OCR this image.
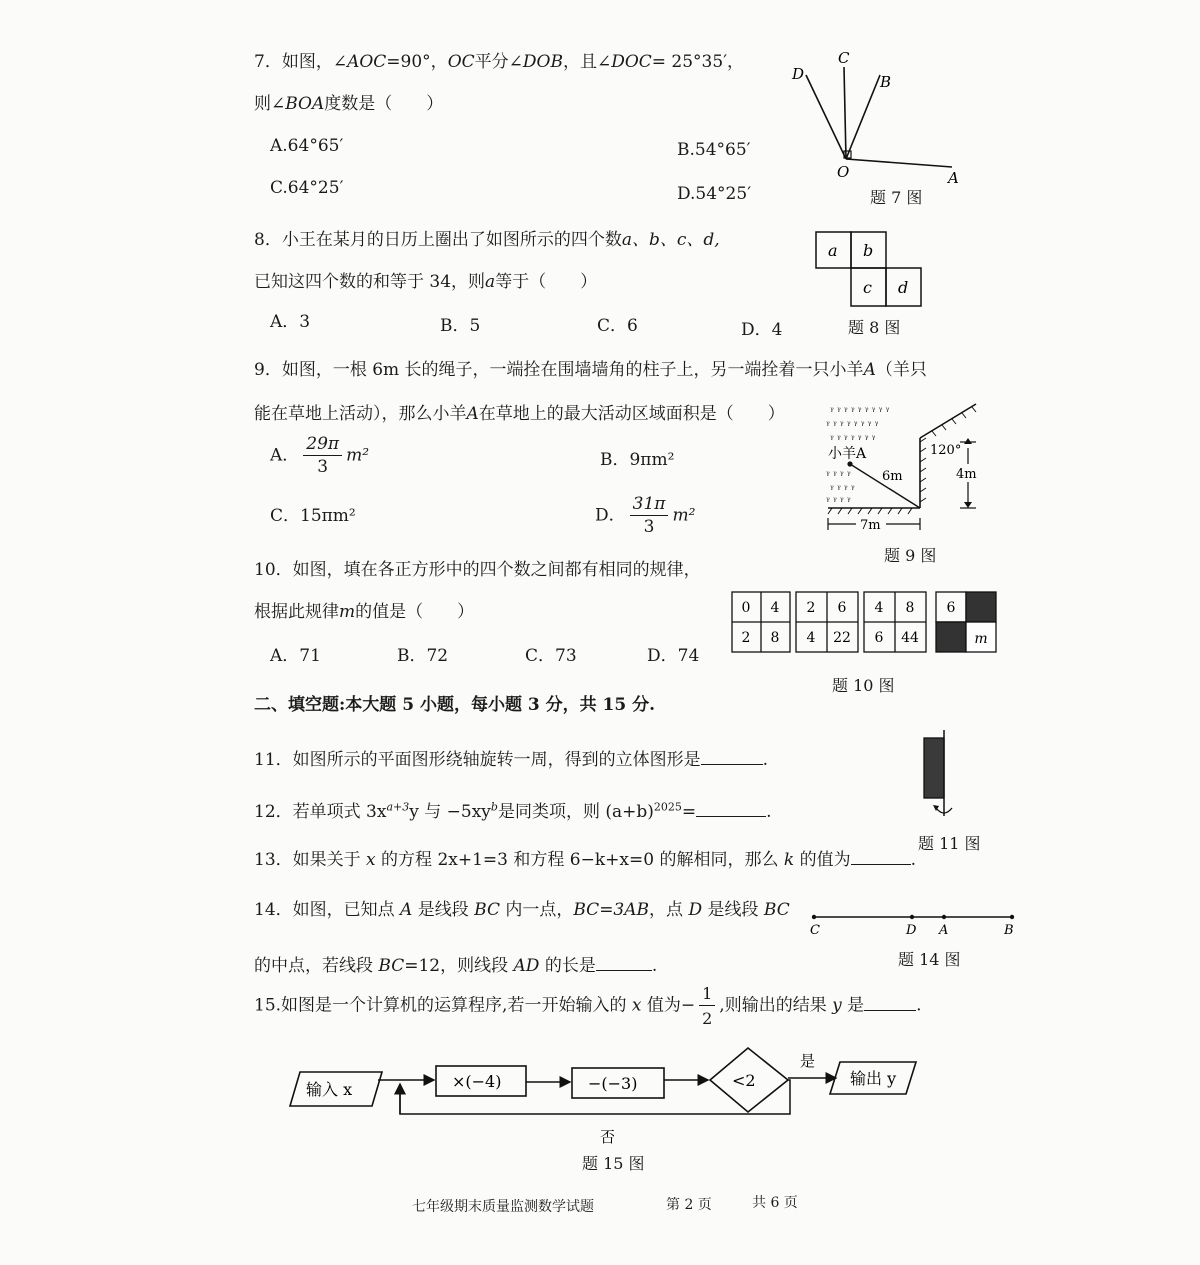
7．如图，∠AOC=90°，OC平分∠DOB，且∠DOC= 25°35′，
则∠BOA度数是（　　）
A.64°65′	B.54°65′
C.64°25′	D.54°25′
C
D	B
O	A
题 7 图
8．小王在某月的日历上圈出了如图所示的四个数a、b、c、d,
已知这四个数的和等于 34，则a等于（　　）
A．3	B．5	C．6	D．4
a b
c d
题 8 图
9．如图，一根 6m 长的绳子，一端拴在围墙墙角的柱子上，另一端拴着一只小羊A（羊只
能在草地上活动），那么小羊A在草地上的最大活动区域面积是（　　）
A． $\frac{29\pi}{3} m^2$	B．9πm²
C．15πm²	D． $\frac{31\pi}{3} m^2$
ᵞ ᵞ ᵞ ᵞ ᵞ ᵞ ᵞ ᵞ ᵞ
ᵞ ᵞ ᵞ ᵞ ᵞ ᵞ ᵞ ᵞ
ᵞ ᵞ ᵞ ᵞ ᵞ ᵞ ᵞ
ᵞ ᵞ ᵞ ᵞ
ᵞ ᵞ ᵞ ᵞ
ᵞ ᵞ ᵞ ᵞ
小羊A
6m
120°
4m
7m
题 9 图
10．如图，填在各正方形中的四个数之间都有相同的规律，
根据此规律m的值是（　　）
A．71	B．72	C．73	D．74
0 4
2 8
2 6
4 22
4 8
6 44
6
m
题 10 图
二、填空题:本大题 5 小题，每小题 3 分，共 15 分.
11．如图所示的平面图形绕轴旋转一周，得到的立体图形是	.
题 11 图
12．若单项式 $3x^{a+3}y$ 与 $-5xy^b$是同类项，则 $(a+b)^{2025}=$	.
13．如果关于 x 的方程 2x+1=3 和方程 6−k+x=0 的解相同，那么 k 的值为	.
14．如图，已知点 A 是线段 BC 内一点，BC=3AB，点 D 是线段 BC
的中点，若线段 BC=12，则线段 AD 的长是	.
C	D A	B
题 14 图
15.如图是一个计算机的运算程序,若一开始输入的 x 值为− $\frac{1}{2}$ ,则输出的结果 y 是	.
输入 x	×(−4)	−(−3)	<2
是
输出 y
否
题 15 图
七年级期末质量监测数学试题	第 2 页	共 6 页
